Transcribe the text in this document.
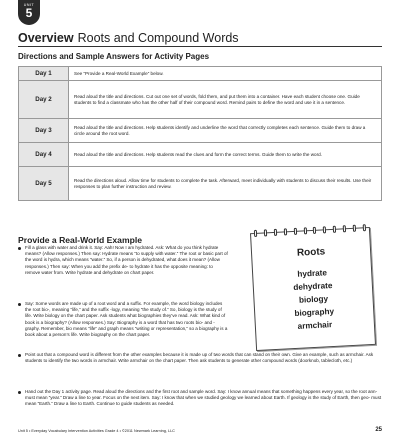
UNIT
5
Overview Roots and Compound Words
Directions and Sample Answers for Activity Pages
Day 1	See “Provide a Real-World Example” below.
Day 2	Read aloud the title and directions. Cut out one set of words, fold them, and put them into a container. Have each student choose one. Guide students to find a classmate who has the other half of their compound word. Remind pairs to define the word and use it in a sentence.
Day 3	Read aloud the title and directions. Help students identify and underline the word that correctly completes each sentence. Guide them to draw a circle around the root word.
Day 4	Read aloud the title and directions. Help students read the clues and form the correct terms. Guide them to write the word.
Day 5	Read the directions aloud. Allow time for students to complete the task. Afterward, meet individually with students to discuss their results. Use their responses to plan further instruction and review.
Provide a Real-World Example
Fill a glass with water and drink it. Say: Aah! Now I am hydrated. Ask: What do you think hydrate means? (Allow responses.) Then say: Hydrate means “to supply with water.” The root or basic part of the word is hydra, which means “water.” So, if a person is dehydrated, what does it mean? (Allow responses.) Then say: When you add the prefix de- to hydrate it has the opposite meaning: to remove water from. Write hydrate and dehydrate on chart paper.
Say: Some words are made up of a root word and a suffix. For example, the word biology includes the root bio-, meaning “life,” and the suffix -logy, meaning “the study of.” So, biology is the study of life. Write biology on the chart paper. Ask students what biographies they’ve read. Ask: What kind of book is a biography? (Allow responses.) Say: Biography is a word that has two roots bio- and -graphy. Remember, bio means “life” and graph means “writing or representation,” so a biography is a book about a person’s life. Write biography on the chart paper.
Point out that a compound word is different from the other examples because it is made up of two words that can stand on their own. Give an example, such as armchair. Ask students to identify the two words in armchair. Write armchair on the chart paper. Then ask students to generate other compound words (doorknob, tablecloth, etc.)
Hand out the Day 1 activity page. Read aloud the directions and the first root and sample word. Say: I know annual means that something happens every year, so the root ann- must mean “year.” Draw a line to year. Focus on the next item. Say: I know that when we studied geology we learned about Earth. If geology is the study of Earth, then geo- must mean “Earth.” Draw a line to Earth. Continue to guide students as needed.
Roots
hydrate
dehydrate
biology
biography
armchair
Unit 5 • Everyday Vocabulary Intervention Activities Grade 4 • ©2011 Newmark Learning, LLC	25
